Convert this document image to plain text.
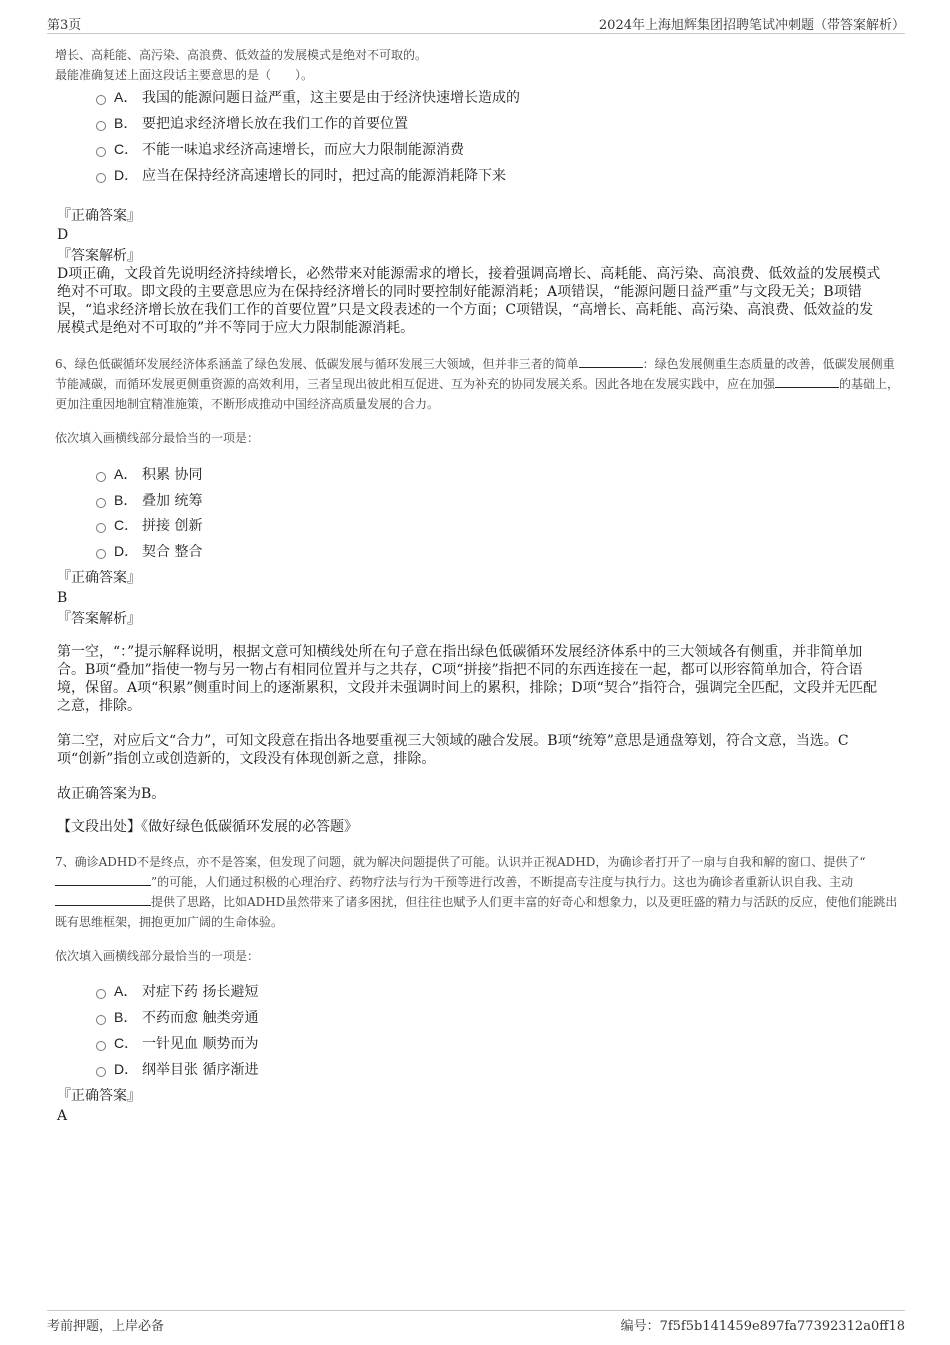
第3页	2024年上海旭辉集团招聘笔试冲刺题（带答案解析）

增长、高耗能、高污染、高浪费、低效益的发展模式是绝对不可取的。

最能准确复述上面这段话主要意思的是（　　）。

A． 我国的能源问题日益严重，这主要是由于经济快速增长造成的
B． 要把追求经济增长放在我们工作的首要位置
C． 不能一味追求经济高速增长，而应大力限制能源消费
D． 应当在保持经济高速增长的同时，把过高的能源消耗降下来

『正确答案』

D

『答案解析』

D项正确，文段首先说明经济持续增长，必然带来对能源需求的增长，接着强调高增长、高耗能、高污染、高浪费、低效益的发展模式绝对不可取。即文段的主要意思应为在保持经济增长的同时要控制好能源消耗；A项错误，“能源问题日益严重”与文段无关；B项错误，“追求经济增长放在我们工作的首要位置”只是文段表述的一个方面；C项错误，“高增长、高耗能、高污染、高浪费、低效益的发展模式是绝对不可取的”并不等同于应大力限制能源消耗。

6、绿色低碳循环发展经济体系涵盖了绿色发展、低碳发展与循环发展三大领域，但并非三者的简单	：绿色发展侧重生态质量的改善，低碳发展侧重节能减碳，而循环发展更侧重资源的高效利用，三者呈现出彼此相互促进、互为补充的协同发展关系。因此各地在发展实践中，应在加强	的基础上，更加注重因地制宜精准施策，不断形成推动中国经济高质量发展的合力。

依次填入画横线部分最恰当的一项是：

A． 积累 协同
B． 叠加 统筹
C． 拼接 创新
D． 契合 整合

『正确答案』

B

『答案解析』

第一空，“：”提示解释说明，根据文意可知横线处所在句子意在指出绿色低碳循环发展经济体系中的三大领域各有侧重，并非简单加合。B项“叠加”指使一物与另一物占有相同位置并与之共存，C项“拼接”指把不同的东西连接在一起，都可以形容简单加合，符合语境，保留。A项“积累”侧重时间上的逐渐累积，文段并未强调时间上的累积，排除；D项“契合”指符合，强调完全匹配，文段并无匹配之意，排除。

第二空，对应后文“合力”，可知文段意在指出各地要重视三大领域的融合发展。B项“统筹”意思是通盘筹划，符合文意，当选。C项“创新”指创立或创造新的，文段没有体现创新之意，排除。

故正确答案为B。

【文段出处】《做好绿色低碳循环发展的必答题》

7、确诊ADHD不是终点，亦不是答案，但发现了问题，就为解决问题提供了可能。认识并正视ADHD，为确诊者打开了一扇与自我和解的窗口、提供了“”的可能，人们通过积极的心理治疗、药物疗法与行为干预等进行改善，不断提高专注度与执行力。这也为确诊者重新认识自我、主动提供了思路，比如ADHD虽然带来了诸多困扰，但往往也赋予人们更丰富的好奇心和想象力，以及更旺盛的精力与活跃的反应，使他们能跳出既有思维框架，拥抱更加广阔的生命体验。

依次填入画横线部分最恰当的一项是：

A． 对症下药 扬长避短
B． 不药而愈 触类旁通
C． 一针见血 顺势而为
D． 纲举目张 循序渐进

『正确答案』

A

考前押题，上岸必备	编号：7f5f5b141459e897fa77392312a0ff18
